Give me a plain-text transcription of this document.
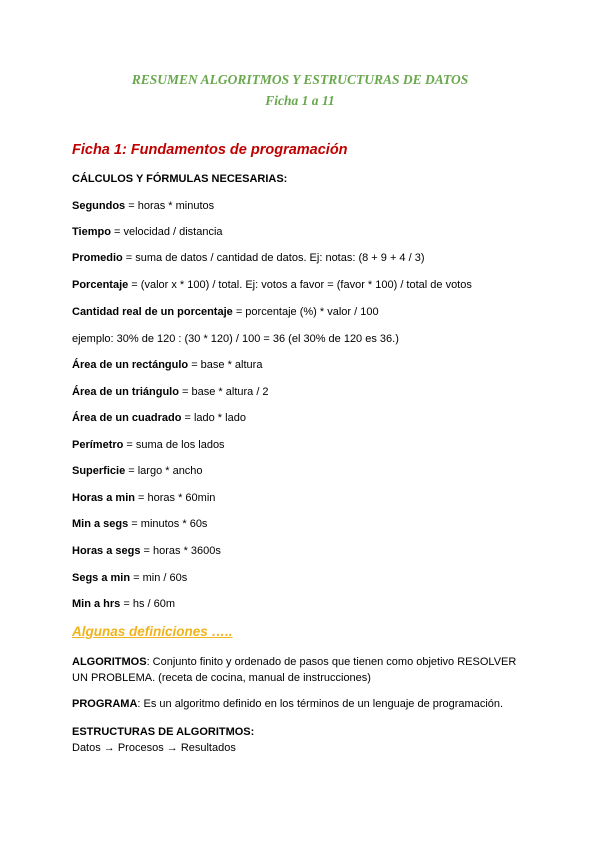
RESUMEN ALGORITMOS Y ESTRUCTURAS DE DATOS
Ficha 1 a 11
Ficha 1: Fundamentos de programación
CÁLCULOS Y FÓRMULAS NECESARIAS:
Segundos = horas * minutos
Tiempo = velocidad / distancia
Promedio = suma de datos / cantidad de datos. Ej: notas: (8 + 9 + 4 / 3)
Porcentaje = (valor x * 100) / total. Ej: votos a favor = (favor * 100) / total de votos
Cantidad real de un porcentaje = porcentaje (%) * valor / 100
ejemplo: 30% de 120 : (30 * 120) / 100 = 36 (el 30% de 120 es 36.)
Área de un rectángulo = base * altura
Área de un triángulo = base * altura / 2
Área de un cuadrado = lado * lado
Perímetro = suma de los lados
Superficie = largo * ancho
Horas a min = horas * 60min
Min a segs = minutos * 60s
Horas a segs = horas * 3600s
Segs a min = min / 60s
Min a hrs = hs / 60m
Algunas definiciones …..
ALGORITMOS: Conjunto finito y ordenado de pasos que tienen como objetivo RESOLVER UN PROBLEMA. (receta de cocina, manual de instrucciones)
PROGRAMA: Es un algoritmo definido en los términos de un lenguaje de programación.
ESTRUCTURAS DE ALGORITMOS:
Datos → Procesos → Resultados
